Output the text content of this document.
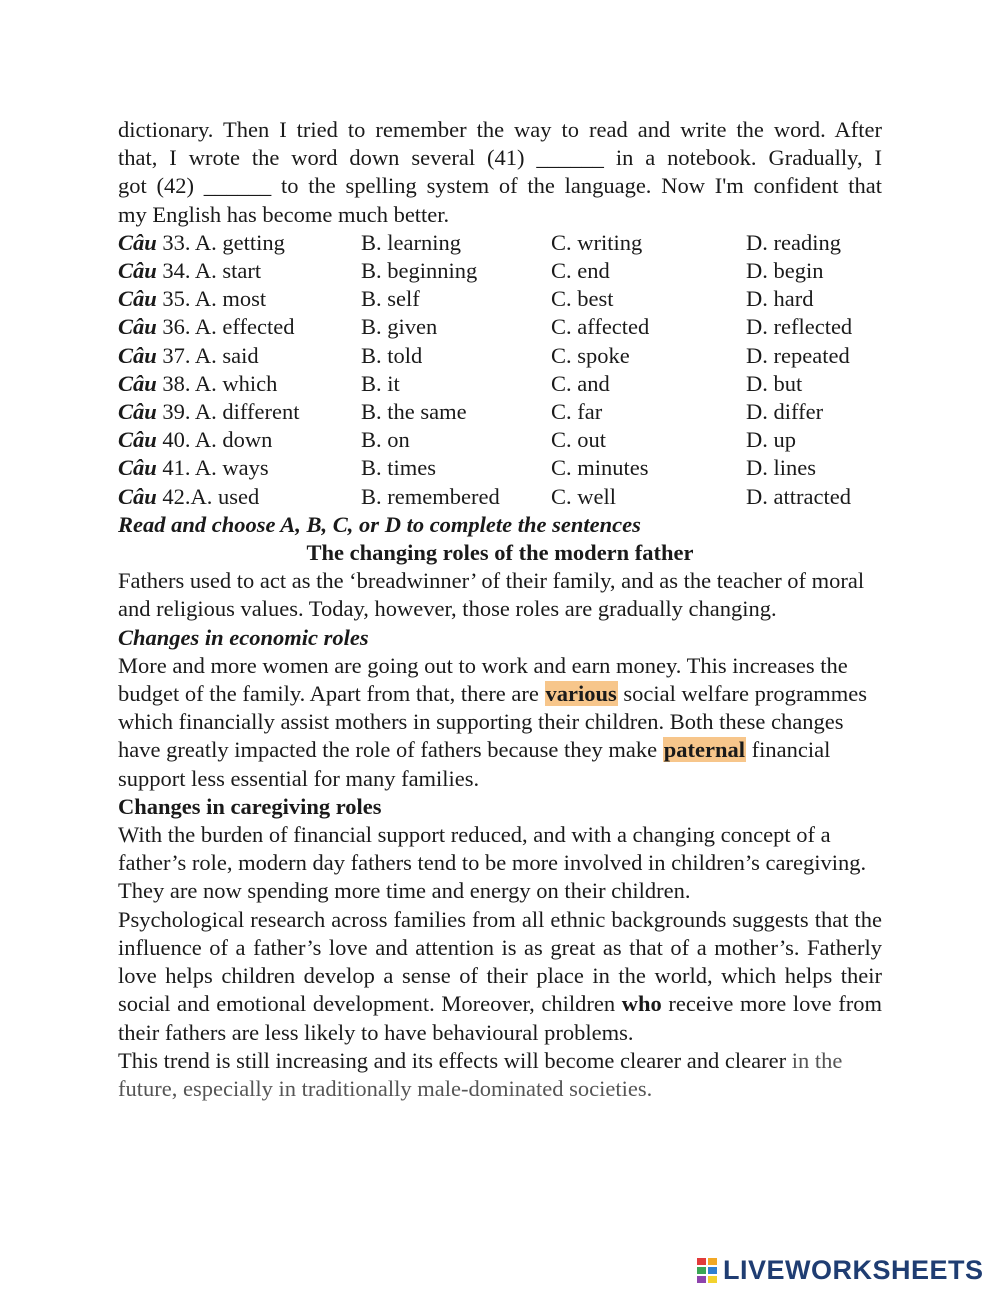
dictionary. Then I tried to remember the way to read and write the word. After

that, I wrote the word down several (41) ______ in a notebook. Gradually, I

got (42) ______ to the spelling system of the language. Now I'm confident that

my English has become much better.

Câu 33. A. getting	B. learning	C. writing	D. reading
Câu 34. A. start	B. beginning	C. end	D. begin
Câu 35. A. most	B. self	C. best	D. hard
Câu 36. A. effected	B. given	C. affected	D. reflected
Câu 37. A. said	B. told	C. spoke	D. repeated
Câu 38. A. which	B. it	C. and	D. but
Câu 39. A. different	B. the same	C. far	D. differ
Câu 40. A. down	B. on	C. out	D. up
Câu 41. A. ways	B. times	C. minutes	D. lines
Câu 42.A. used	B. remembered	C. well	D. attracted

Read and choose A, B, C, or D to complete the sentences

The changing roles of the modern father

Fathers used to act as the ‘breadwinner’ of their family, and as the teacher of moral and religious values. Today, however, those roles are gradually changing.

Changes in economic roles

More and more women are going out to work and earn money. This increases the budget of the family. Apart from that, there are various social welfare programmes which financially assist mothers in supporting their children. Both these changes have greatly impacted the role of fathers because they make paternal financial support less essential for many families.

Changes in caregiving roles

With the burden of financial support reduced, and with a changing concept of a father’s role, modern day fathers tend to be more involved in children’s caregiving. They are now spending more time and energy on their children.

Psychological research across families from all ethnic backgrounds suggests that the influence of a father’s love and attention is as great as that of a mother’s. Fatherly love helps children develop a sense of their place in the world, which helps their social and emotional development. Moreover, children who receive more love from their fathers are less likely to have behavioural problems.

This trend is still increasing and its effects will become clearer and clearer in the future, especially in traditionally male-dominated societies.

LIVEWORKSHEETS
